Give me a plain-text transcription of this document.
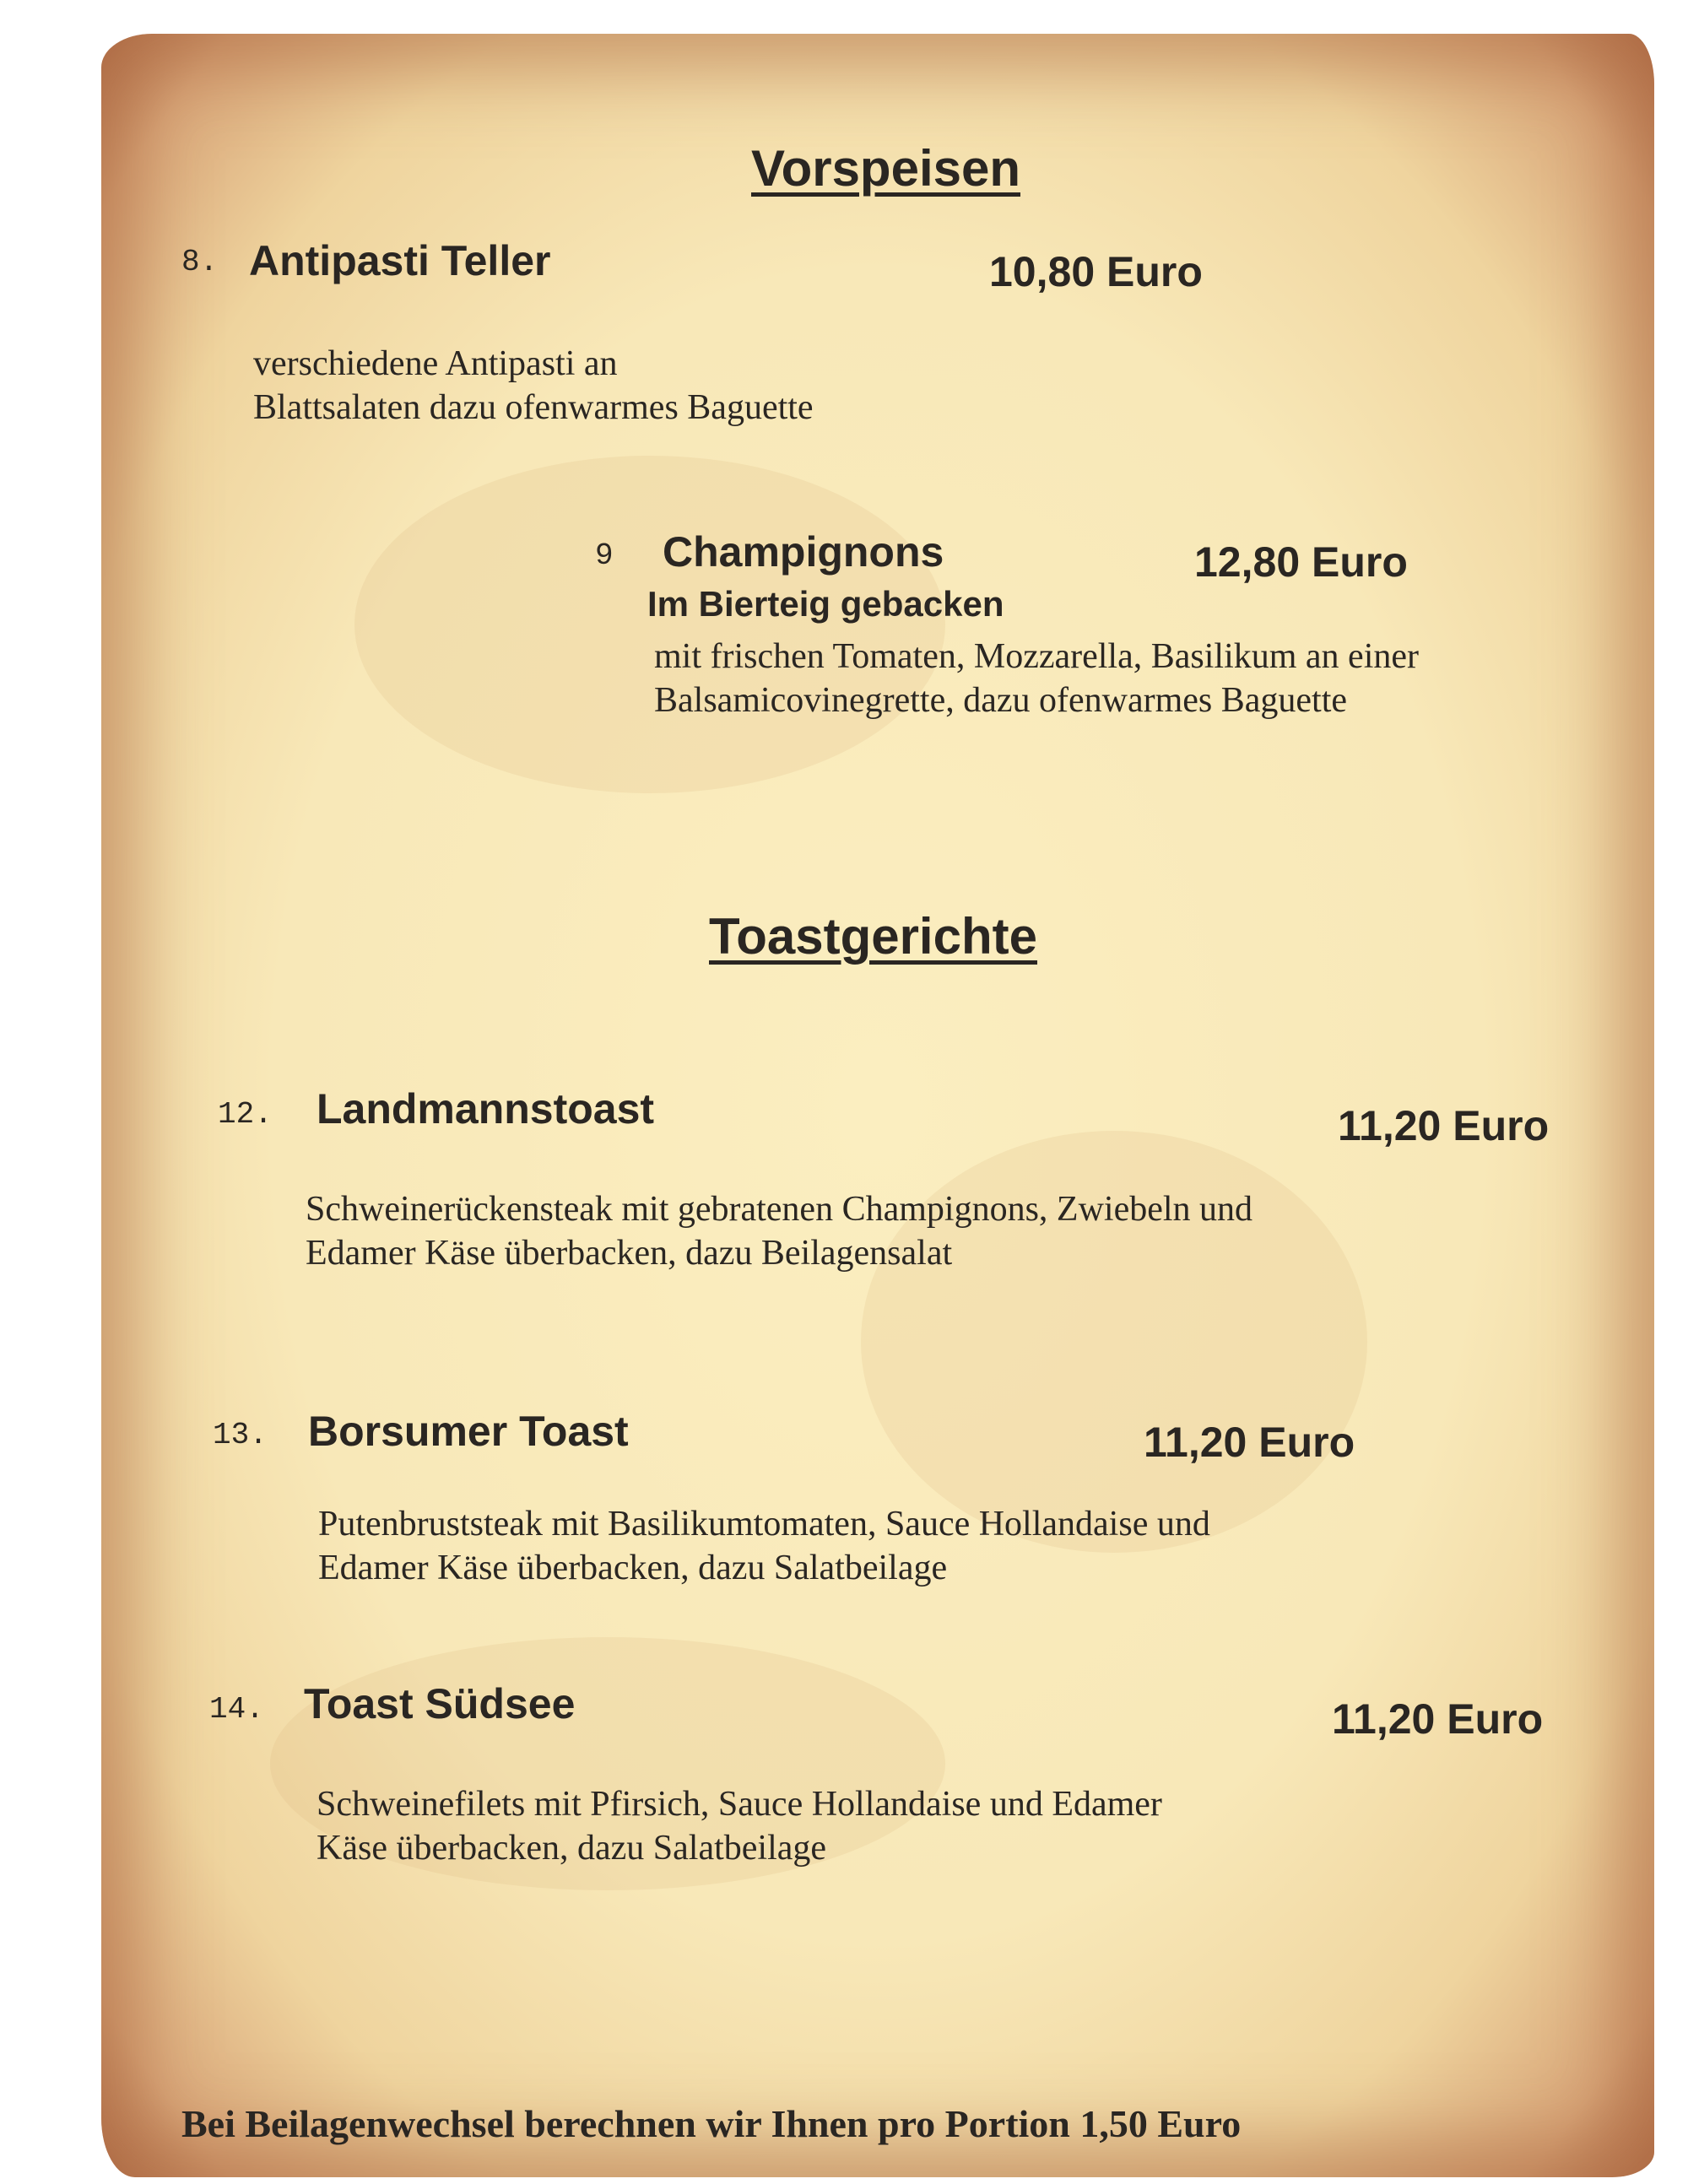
Vorspeisen
8. Antipasti Teller	10,80 Euro
verschiedene Antipasti an
Blattsalaten dazu ofenwarmes Baguette
9 Champignons	12,80 Euro
Im Bierteig gebacken
mit frischen Tomaten, Mozzarella, Basilikum an einer
Balsamicovinegrette, dazu ofenwarmes Baguette
Toastgerichte
12. Landmannstoast	11,20 Euro
Schweinerückensteak mit gebratenen Champignons, Zwiebeln und
Edamer Käse überbacken, dazu Beilagensalat
13. Borsumer Toast	11,20 Euro
Putenbruststeak mit Basilikumtomaten, Sauce Hollandaise und
Edamer Käse überbacken, dazu Salatbeilage
14. Toast Südsee	11,20 Euro
Schweinefilets mit Pfirsich, Sauce Hollandaise und Edamer
Käse überbacken, dazu Salatbeilage
Bei Beilagenwechsel berechnen wir Ihnen pro Portion 1,50 Euro
